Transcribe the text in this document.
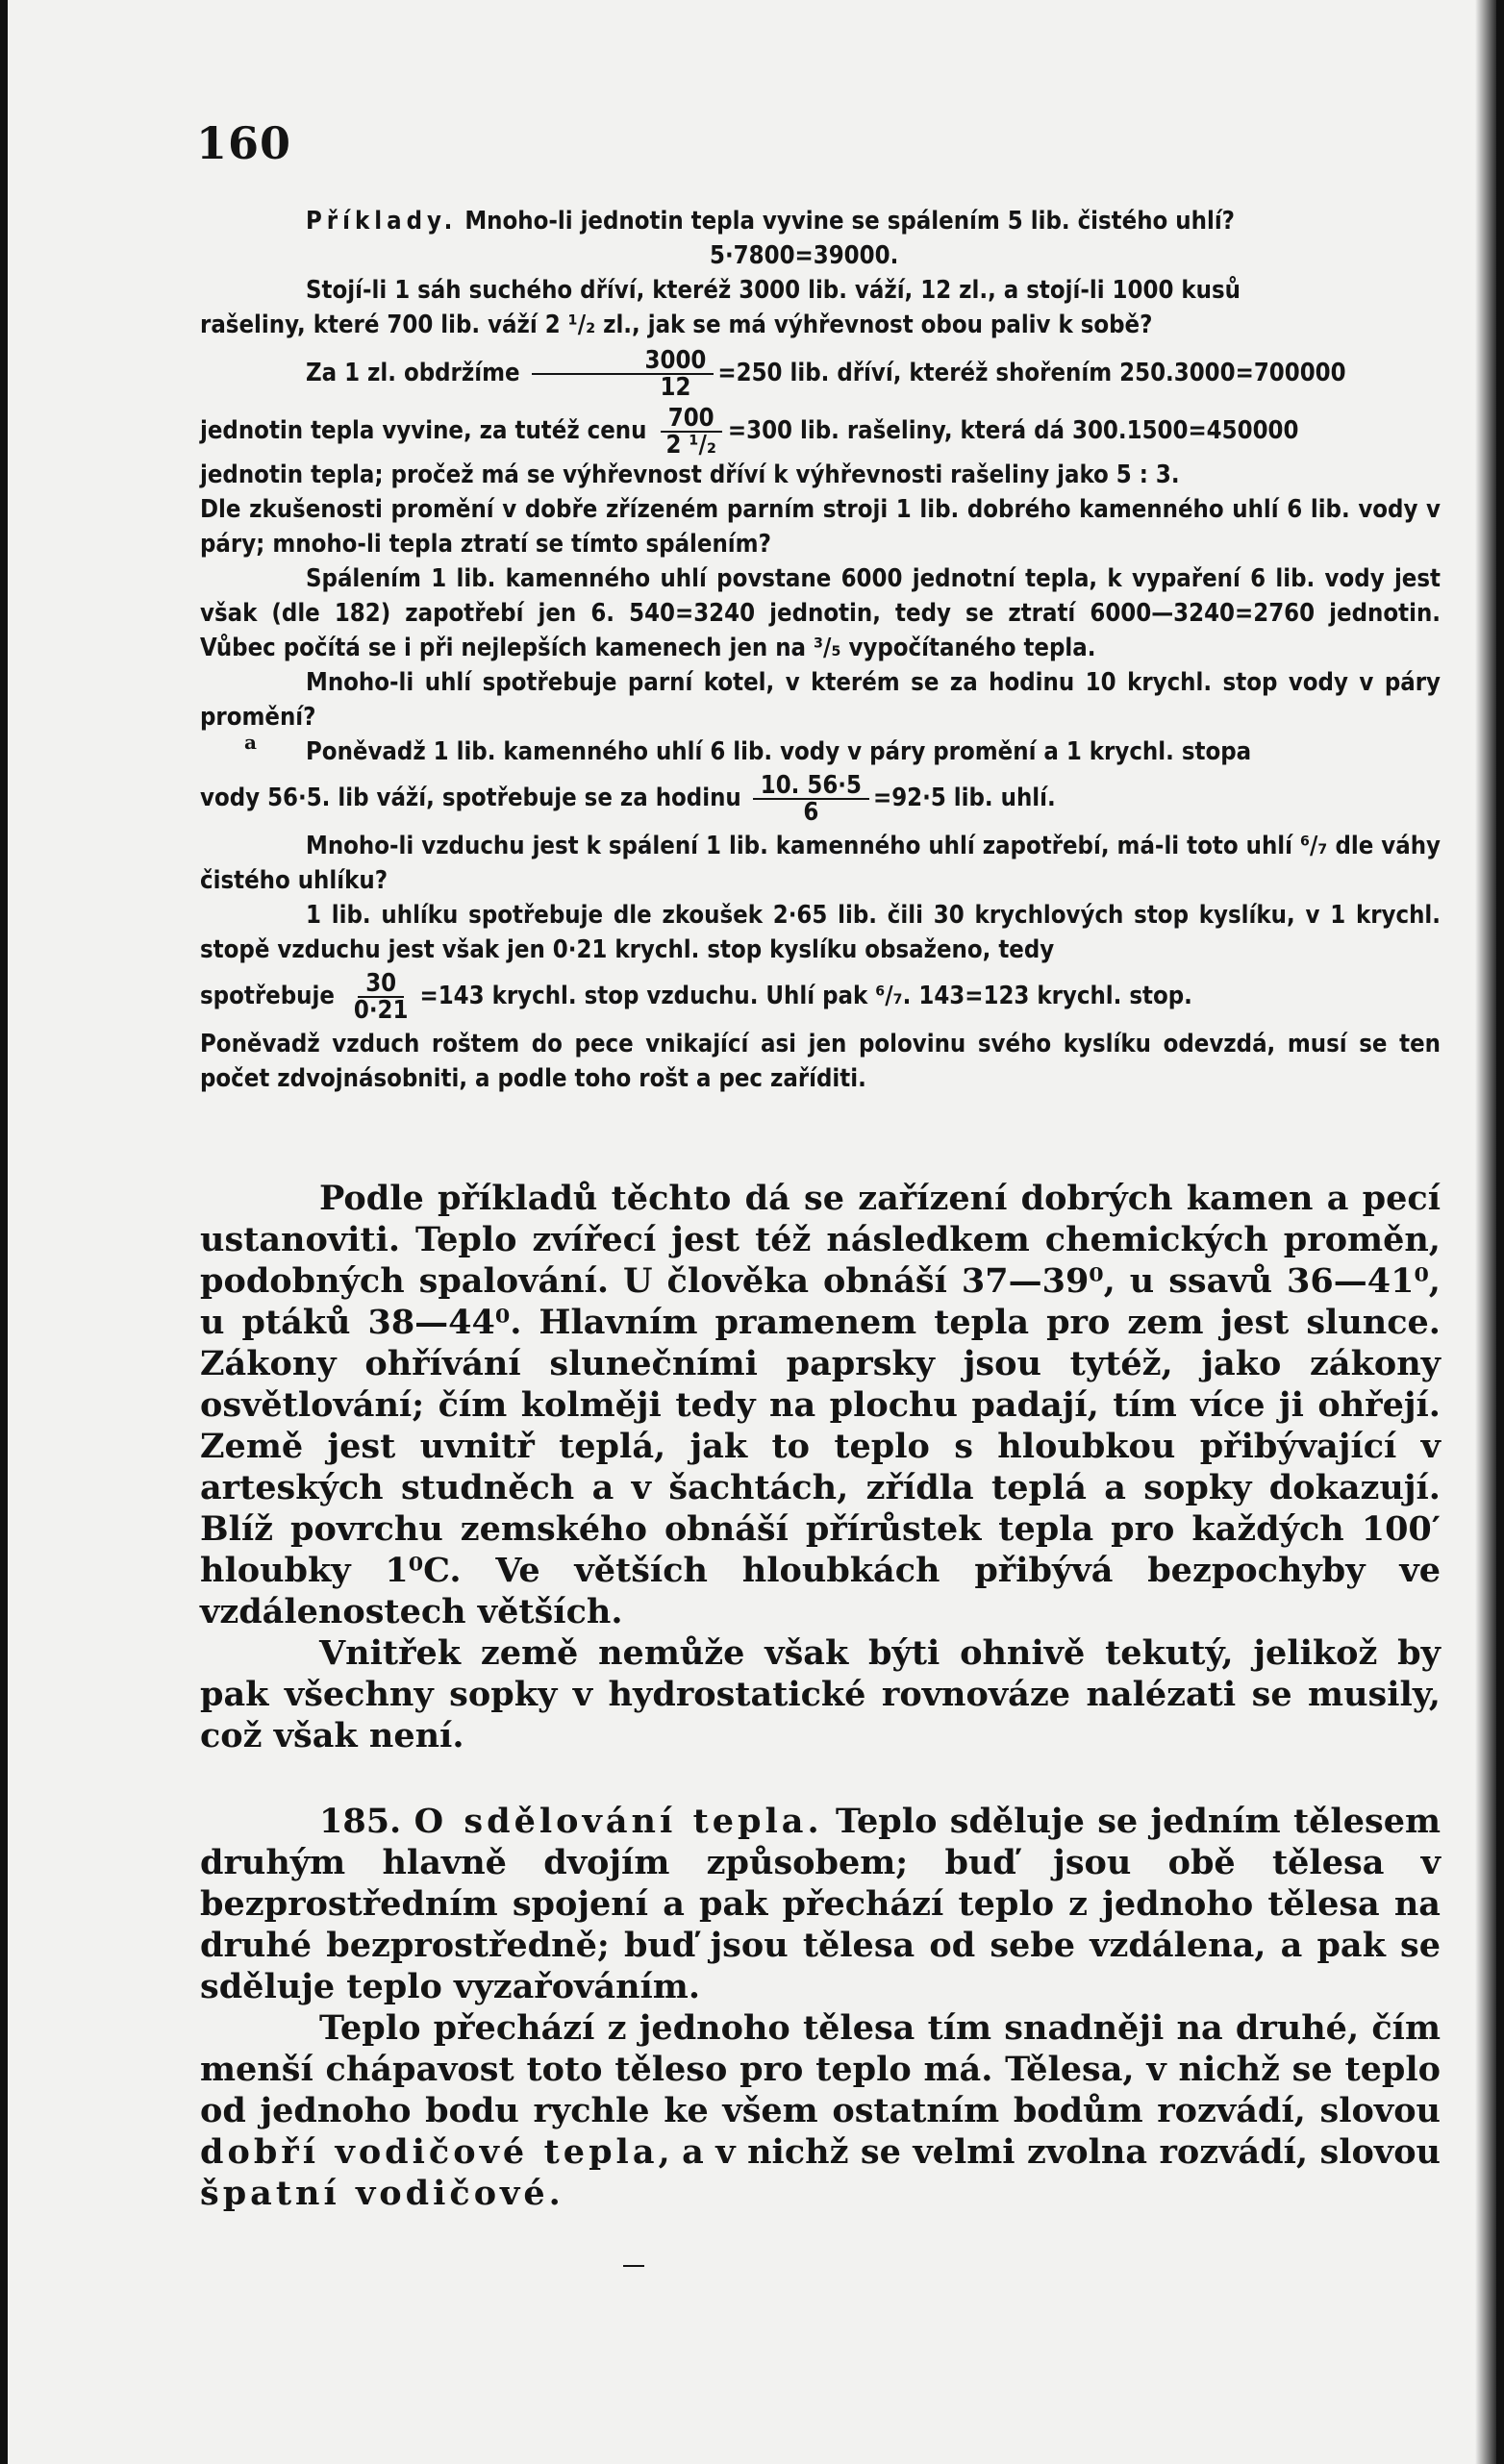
160

Příklady. Mnoho-li jednotin tepla vyvine se spálením 5 lib. čistého uhlí?

5·7800=39000.

Stojí-li 1 sáh suchého dříví, kteréž 3000 lib. váží, 12 zl., a stojí-li 1000 kusů

rašeliny, které 700 lib. váží 2 ¹/₂ zl., jak se má výhřevnost obou paliv k sobě?

Za 1 zl. obdržíme $\frac{3000}{12} =250$ lib. dříví, kteréž shořením 250.3000=700000

jednotin tepla vyvine, za tutéž cenu $\frac{700}{\text{2 ¹/₂}} =300$ lib. rašeliny, která dá 300.1500=450000

jednotin tepla; pročež má se výhřevnost dříví k výhřevnosti rašeliny jako 5 : 3.

Dle zkušenosti promění v dobře zřízeném parním stroji 1 lib. dobrého kamenného uhlí 6 lib. vody v páry; mnoho-li tepla ztratí se tímto spálením?

Spálením 1 lib. kamenného uhlí povstane 6000 jednotní tepla, k vypaření 6 lib. vody jest však (dle 182) zapotřebí jen 6. 540=3240 jednotin, tedy se ztratí 6000—3240=2760 jednotin. Vůbec počítá se i při nejlepších kamenech jen na ³/₅ vypočítaného tepla.

Mnoho-li uhlí spotřebuje parní kotel, v kterém se za hodinu 10 krychl. stop vody v páry promění?

Poněvadž 1 lib. kamenného uhlí 6 lib. vody v páry promění a 1 krychl. stopa

vody 56·5. lib váží, spotřebuje se za hodinu $\frac{10. 56\cdot 5}{6} =92\cdot 5$ lib. uhlí.

Mnoho-li vzduchu jest k spálení 1 lib. kamenného uhlí zapotřebí, má-li toto uhlí ⁶/₇ dle váhy čistého uhlíku?

1 lib. uhlíku spotřebuje dle zkoušek 2·65 lib. čili 30 krychlových stop kyslíku, v 1 krychl. stopě vzduchu jest však jen 0·21 krychl. stop kyslíku obsaženo, tedy

spotřebuje $\frac{30}{0\cdot 21} =143$ krychl. stop vzduchu. Uhlí pak ⁶/₇. 143=123 krychl. stop.

Poněvadž vzduch roštem do pece vnikající asi jen polovinu svého kyslíku odevzdá, musí se ten počet zdvojnásobniti, a podle toho rošt a pec zaříditi.

a

Podle příkladů těchto dá se zařízení dobrých kamen a pecí ustanoviti. Teplo zvířecí jest též následkem chemických proměn, podobných spalování. U člověka obnáší 37—39⁰, u ssavů 36—41⁰, u ptáků 38—44⁰. Hlavním pramenem tepla pro zem jest slunce. Zákony ohřívání slunečními paprsky jsou tytéž, jako zákony osvětlování; čím kolměji tedy na plochu padají, tím více ji ohřejí. Země jest uvnitř teplá, jak to teplo s hloubkou přibývající v arteských studněch a v šachtách, zřídla teplá a sopky dokazují. Blíž povrchu zemského obnáší přírůstek tepla pro každých 100′ hloubky 1⁰C. Ve větších hloubkách přibývá bezpochyby ve vzdálenostech větších.

Vnitřek země nemůže však býti ohnivě tekutý, jelikož by pak všechny sopky v hydrostatické rovnováze nalézati se musily, což však není.

185. O sdělování tepla. Teplo sděluje se jedním tělesem druhým hlavně dvojím způsobem; buď jsou obě tělesa v bezprostředním spojení a pak přechází teplo z jednoho tělesa na druhé bezprostředně; buď jsou tělesa od sebe vzdálena, a pak se sděluje teplo vyzařováním.

Teplo přechází z jednoho tělesa tím snadněji na druhé, čím menší chápavost toto těleso pro teplo má. Tělesa, v nichž se teplo od jednoho bodu rychle ke všem ostatním bodům rozvádí, slovou dobří vodičové tepla, a v nichž se velmi zvolna rozvádí, slovou špatní vodičové.
